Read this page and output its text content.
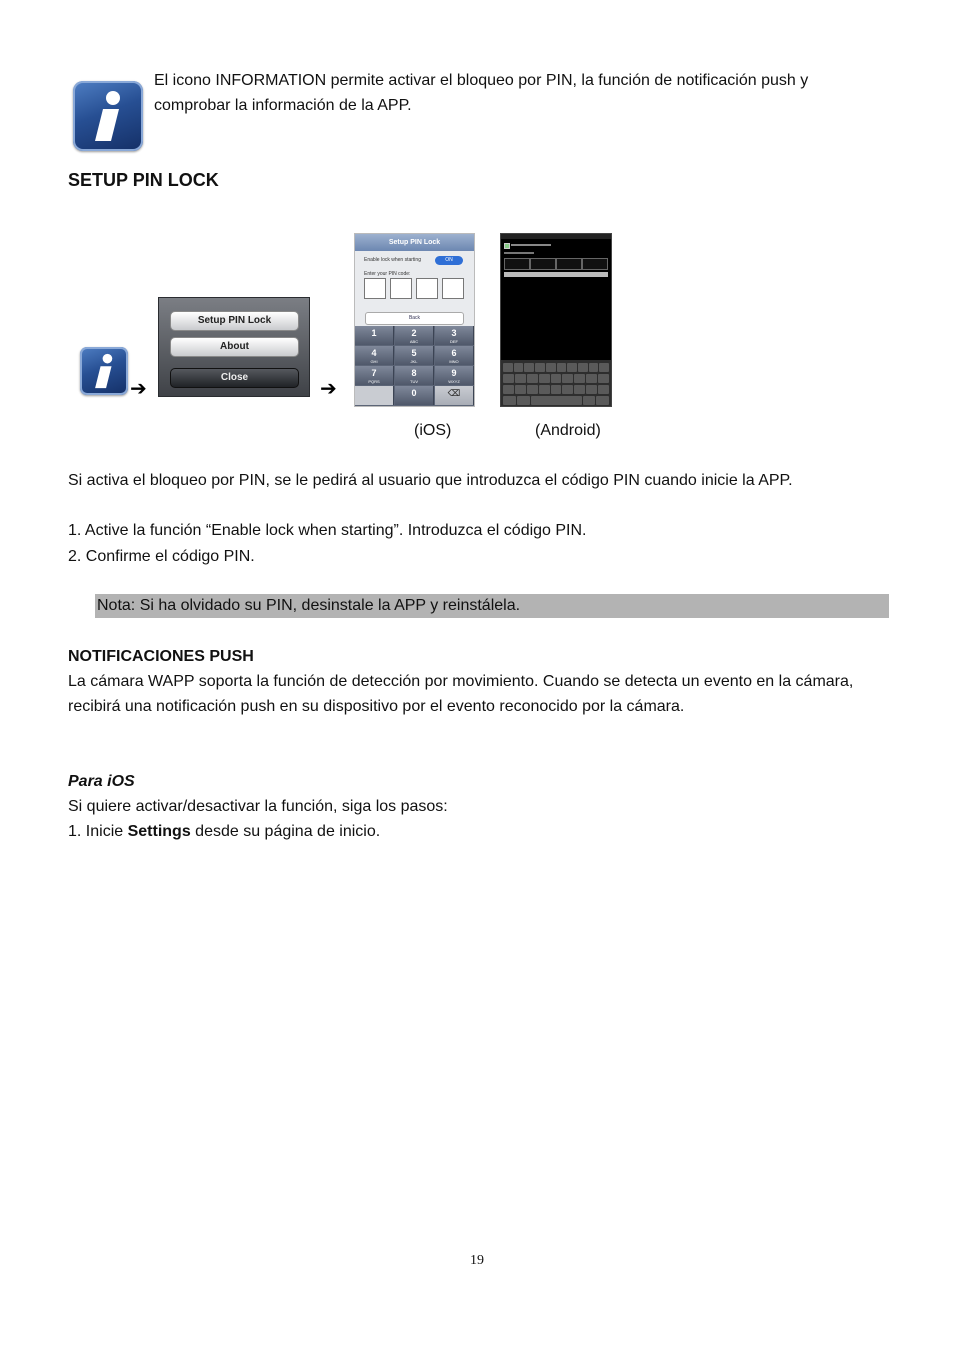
El icono INFORMATION permite activar el bloqueo por PIN, la función de notificación push y comprobar la información de la APP.
SETUP PIN LOCK
➔
Setup PIN Lock
About
Close
➔
Setup PIN Lock
Enable lock when starting	ON
Enter your PIN code:
Back
1	2
ABC
3
DEF
4
GHI
5
JKL
6
MNO
7
PQRS
8
TUV
9
WXYZ
0	⌫
(iOS)	(Android)
Si activa el bloqueo por PIN, se le pedirá al usuario que introduzca el código PIN cuando inicie la APP.
1. Active la función “Enable lock when starting”. Introduzca el código PIN.
2. Confirme el código PIN.
Nota: Si ha olvidado su PIN, desinstale la APP y reinstálela.
NOTIFICACIONES PUSH
La cámara WAPP soporta la función de detección por movimiento. Cuando se detecta un evento en la cámara,
recibirá una notificación push en su dispositivo por el evento reconocido por la cámara.
Para iOS
Si quiere activar/desactivar la función, siga los pasos:
1. Inicie Settings desde su página de inicio.
19
